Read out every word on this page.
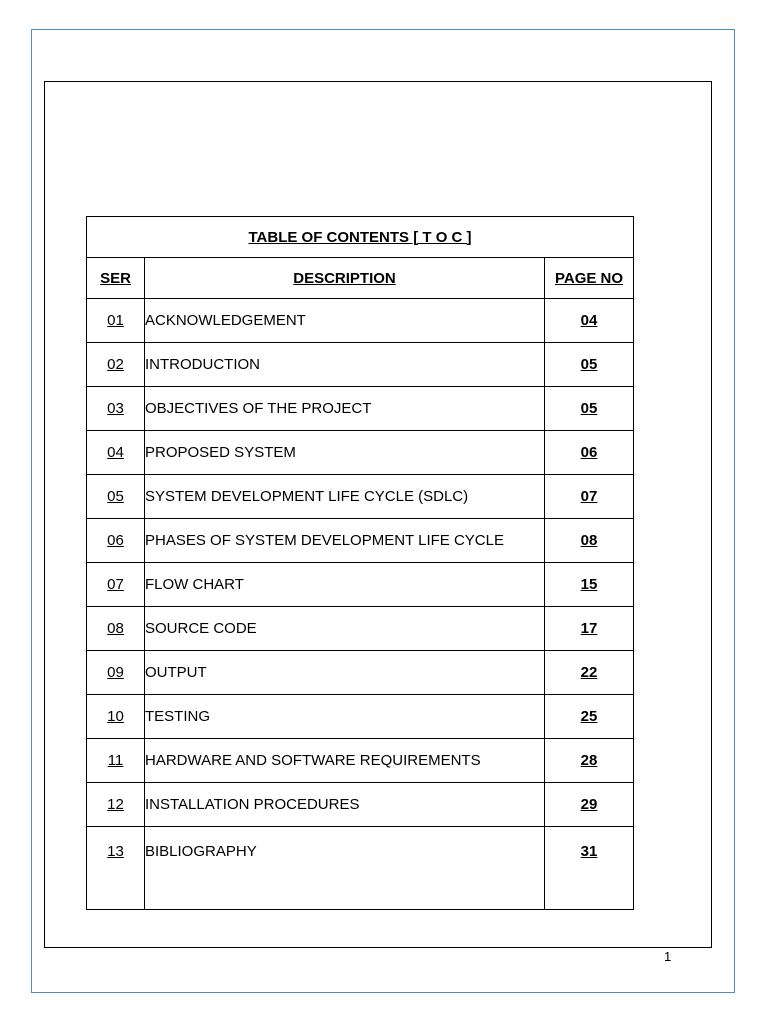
TABLE OF CONTENTS [ T O C ]		
SER	DESCRIPTION	PAGE NO
01	ACKNOWLEDGEMENT	04
02	INTRODUCTION	05
03	OBJECTIVES OF THE PROJECT	05
04	PROPOSED SYSTEM	06
05	SYSTEM DEVELOPMENT LIFE CYCLE (SDLC)	07
06	PHASES OF SYSTEM DEVELOPMENT LIFE CYCLE	08
07	FLOW CHART	15
08	SOURCE CODE	17
09	OUTPUT	22
10	TESTING	25
11	HARDWARE AND SOFTWARE REQUIREMENTS	28
12	INSTALLATION PROCEDURES	29
13	BIBLIOGRAPHY	31
1
